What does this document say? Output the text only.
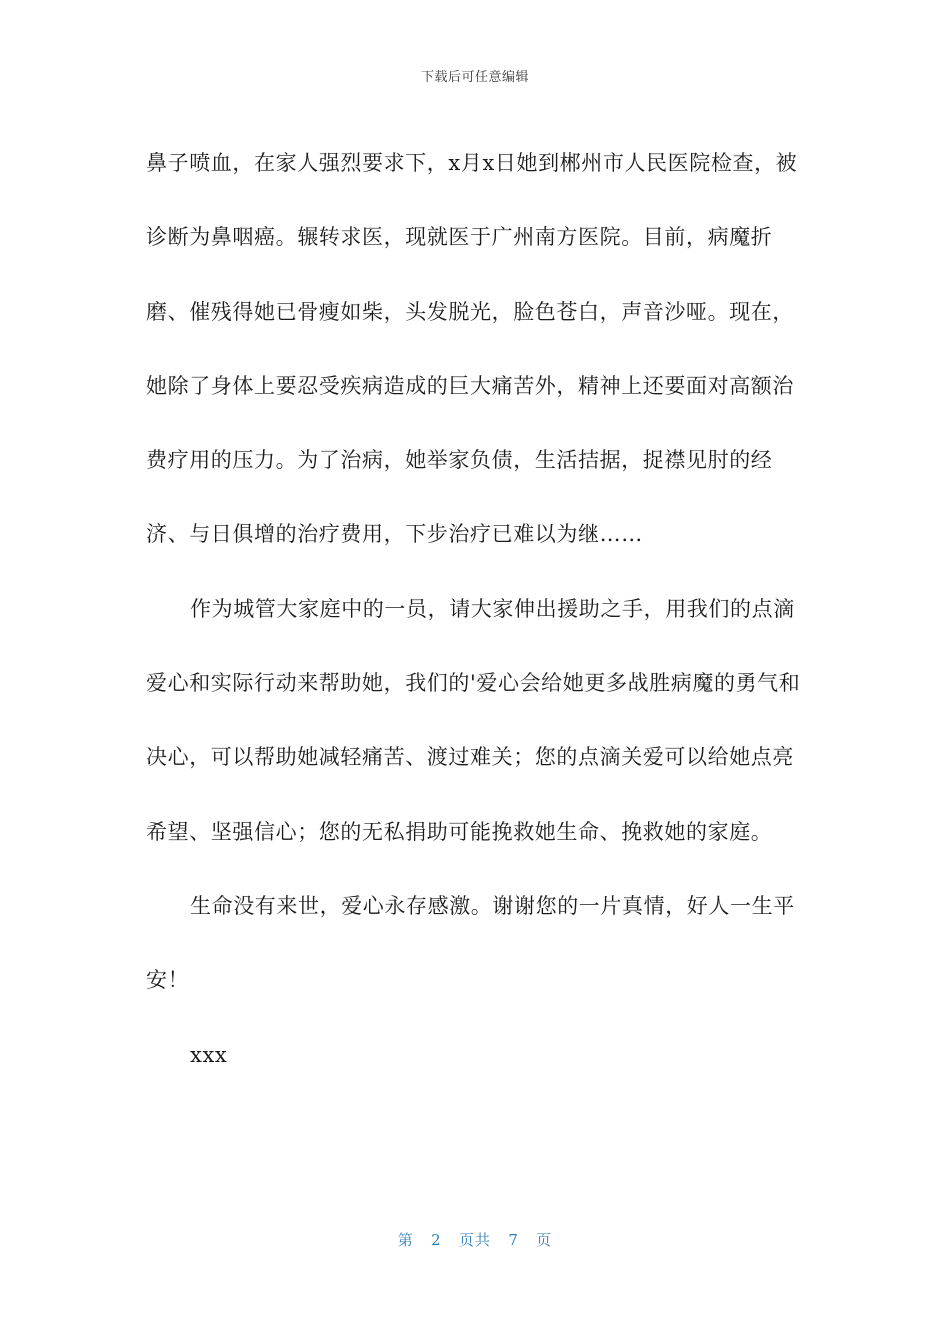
下载后可任意编辑

鼻子喷血，在家人强烈要求下，x月x日她到郴州市人民医院检查，被诊断为鼻咽癌。辗转求医，现就医于广州南方医院。目前，病魔折磨、催残得她已骨瘦如柴，头发脱光，脸色苍白，声音沙哑。现在，她除了身体上要忍受疾病造成的巨大痛苦外，精神上还要面对高额治费疗用的压力。为了治病，她举家负债，生活拮据，捉襟见肘的经济、与日俱增的治疗费用，下步治疗已难以为继……

作为城管大家庭中的一员，请大家伸出援助之手，用我们的点滴爱心和实际行动来帮助她，我们的'爱心会给她更多战胜病魔的勇气和决心，可以帮助她减轻痛苦、渡过难关；您的点滴关爱可以给她点亮希望、坚强信心；您的无私捐助可能挽救她生命、挽救她的家庭。

生命没有来世，爱心永存感激。谢谢您的一片真情，好人一生平安！

xxx

第 2 页共 7 页
